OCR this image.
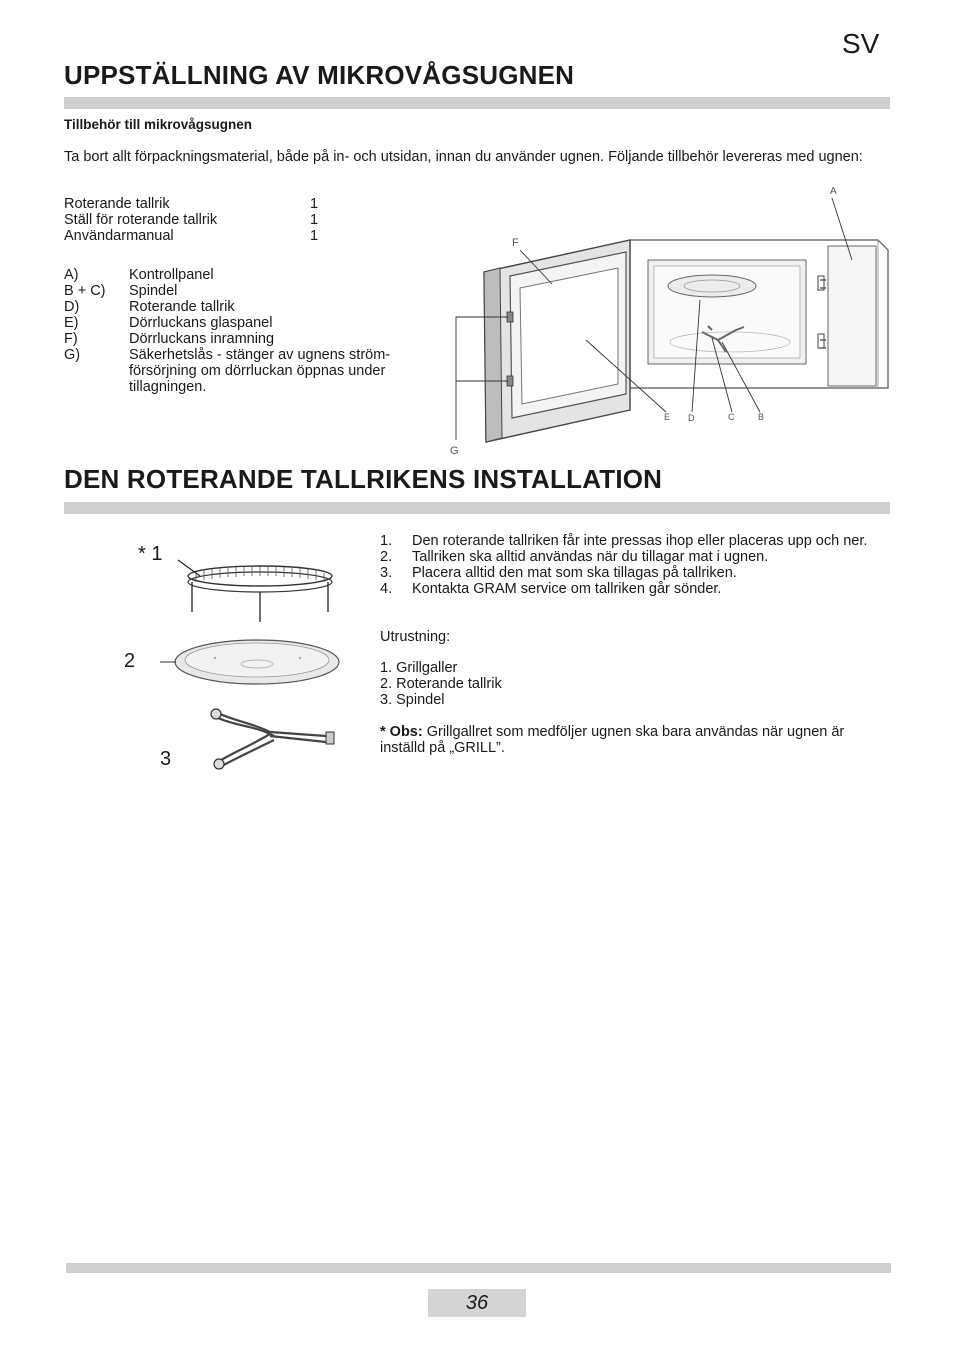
SV
UPPSTÄLLNING AV MIKROVÅGSUGNEN
Tillbehör till mikrovågsugnen
Ta bort allt förpackningsmaterial, både på in- och utsidan, innan du använder ugnen. Följande tillbehör levereras med ugnen:
Roterande tallrik	1
Ställ för roterande tallrik	1
Användarmanual	1
A)	Kontrollpanel
B + C) Spindel
D)	Roterande tallrik
E)	Dörrluckans glaspanel
F)	Dörrluckans inramning
G)	Säkerhetslås - stänger av ugnens ström-
försörjning om dörrluckan öppnas under
tillagningen.
A
F
E D	C	B
G
DEN ROTERANDE TALLRIKENS INSTALLATION
* 1
2
3
1. Den roterande tallriken får inte pressas ihop eller placeras upp och ner.
2. Tallriken ska alltid användas när du tillagar mat i ugnen.
3. Placera alltid den mat som ska tillagas på tallriken.
4. Kontakta GRAM service om tallriken går sönder.
Utrustning:
1. Grillgaller
2. Roterande tallrik
3. Spindel
* Obs: Grillgallret som medföljer ugnen ska bara användas när ugnen är inställd på „GRILL”.
36
